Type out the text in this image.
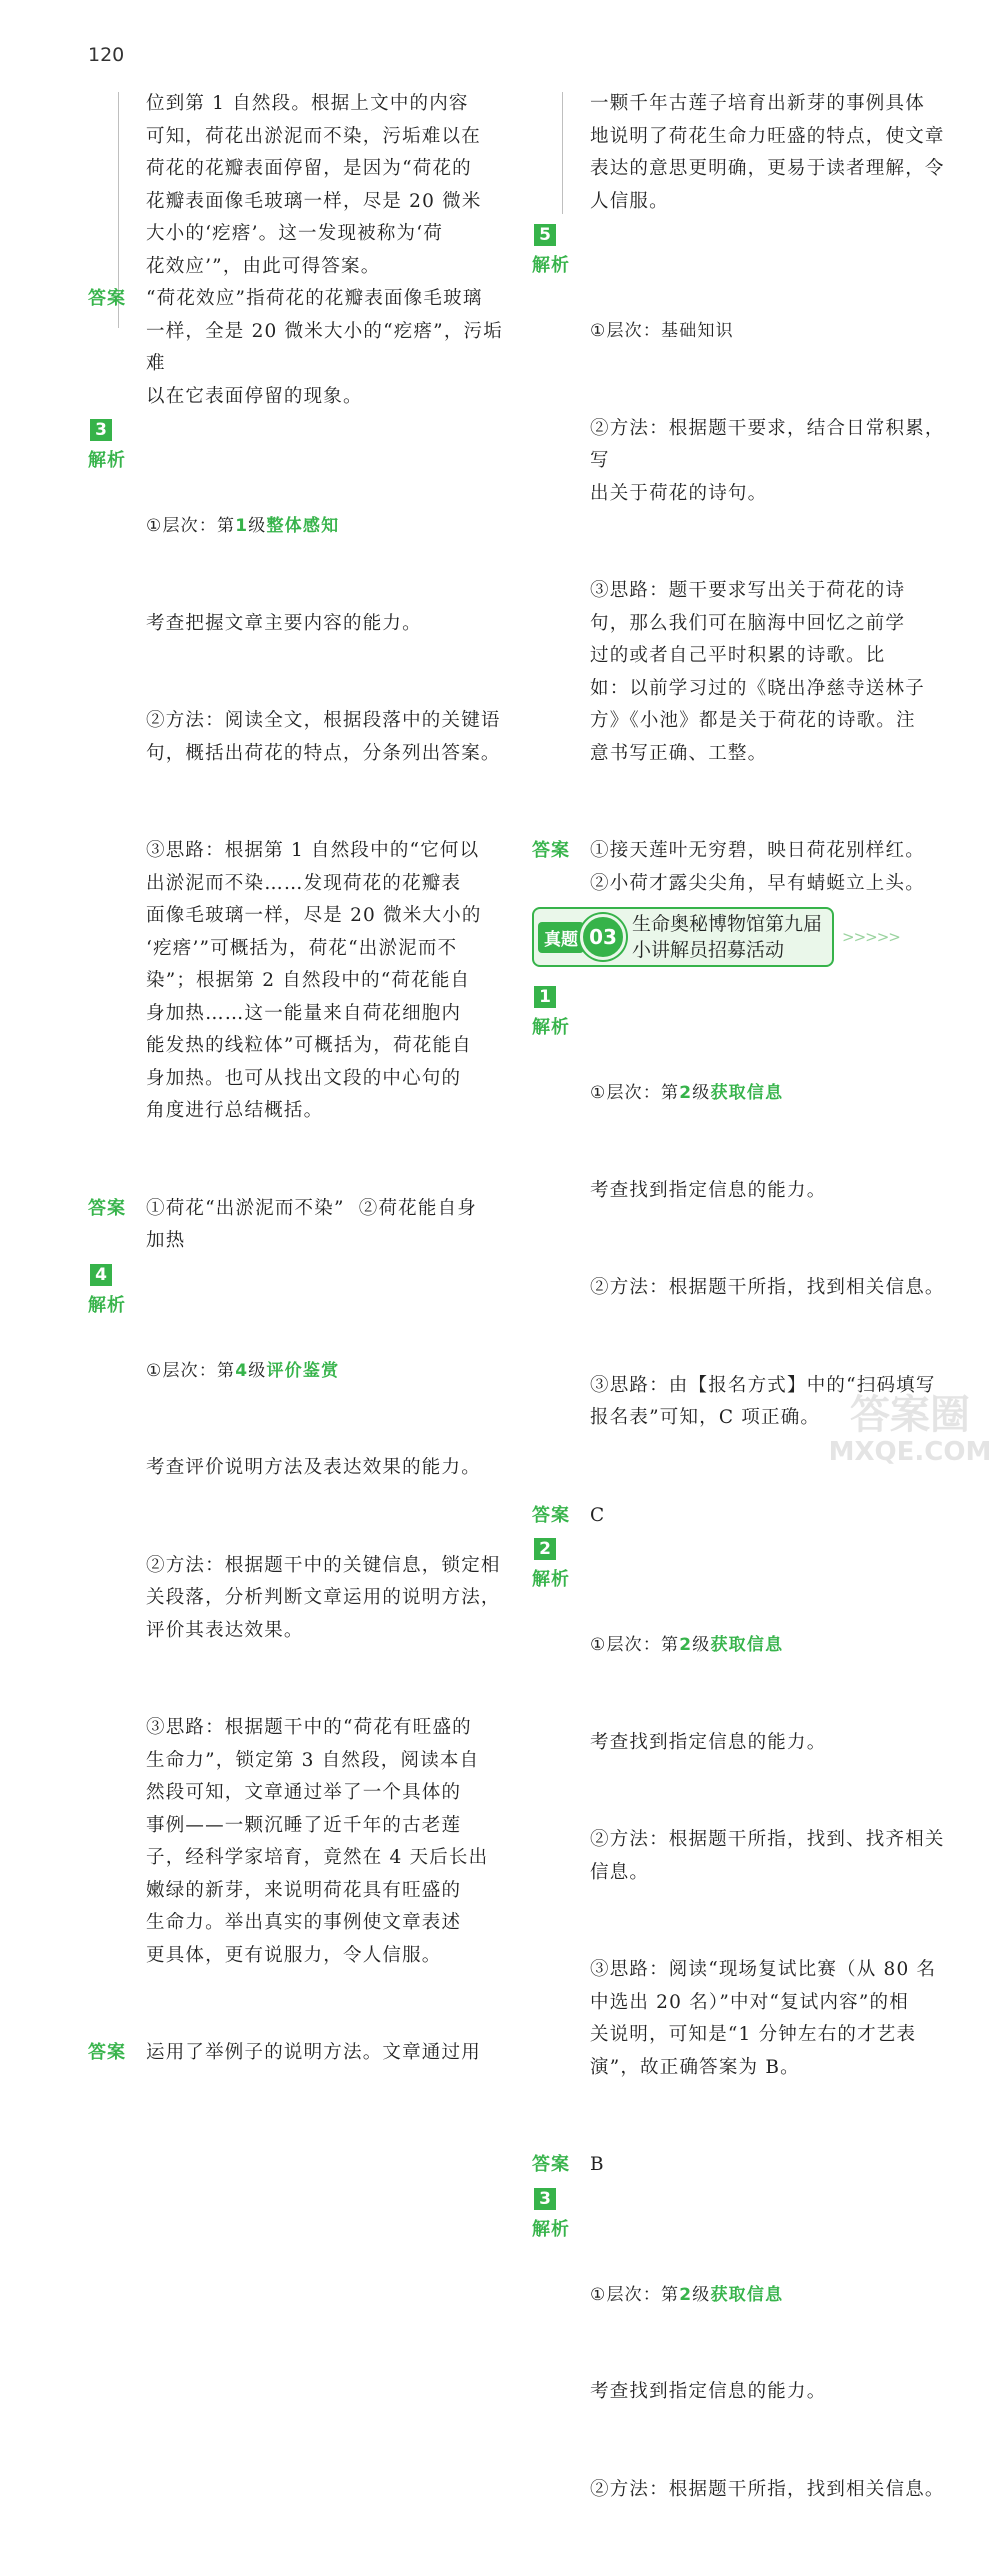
120
位到第 1 自然段。根据上文中的内容
可知，荷花出淤泥而不染，污垢难以在
荷花的花瓣表面停留，是因为“荷花的
花瓣表面像毛玻璃一样，尽是 20 微米
大小的‘疙瘩’。这一发现被称为‘荷
花效应’”，由此可得答案。
答案	“荷花效应”指荷花的花瓣表面像毛玻璃
一样，全是 20 微米大小的“疙瘩”，污垢难
以在它表面停留的现象。
3
解析

①层次：第1级整体感知

考查把握文章主要内容的能力。

②方法：阅读全文，根据段落中的关键语
句，概括出荷花的特点，分条列出答案。

③思路：根据第 1 自然段中的“它何以
出淤泥而不染……发现荷花的花瓣表
面像毛玻璃一样，尽是 20 微米大小的
‘疙瘩’”可概括为，荷花“出淤泥而不
染”；根据第 2 自然段中的“荷花能自
身加热……这一能量来自荷花细胞内
能发热的线粒体”可概括为，荷花能自
身加热。也可从找出文段的中心句的
角度进行总结概括。

答案	①荷花“出淤泥而不染”  ②荷花能自身
加热
4
解析

①层次：第4级评价鉴赏

考查评价说明方法及表达效果的能力。

②方法：根据题干中的关键信息，锁定相
关段落，分析判断文章运用的说明方法，
评价其表达效果。

③思路：根据题干中的“荷花有旺盛的
生命力”，锁定第 3 自然段，阅读本自
然段可知，文章通过举了一个具体的
事例——一颗沉睡了近千年的古老莲
子，经科学家培育，竟然在 4 天后长出
嫩绿的新芽，来说明荷花具有旺盛的
生命力。举出真实的事例使文章表述
更具体，更有说服力，令人信服。

答案	运用了举例子的说明方法。文章通过用
一颗千年古莲子培育出新芽的事例具体
地说明了荷花生命力旺盛的特点，使文章
表达的意思更明确，更易于读者理解，令
人信服。
5
解析

①层次：基础知识

②方法：根据题干要求，结合日常积累，写
出关于荷花的诗句。

③思路：题干要求写出关于荷花的诗
句，那么我们可在脑海中回忆之前学
过的或者自己平时积累的诗歌。比
如：以前学习过的《晓出净慈寺送林子
方》《小池》都是关于荷花的诗歌。注
意书写正确、工整。

答案	①接天莲叶无穷碧，映日荷花别样红。
②小荷才露尖尖角，早有蜻蜓立上头。
真题 03
生命奥秘博物馆第九届
小讲解员招募活动
>>>>>
1
解析

①层次：第2级获取信息

考查找到指定信息的能力。

②方法：根据题干所指，找到相关信息。

③思路：由【报名方式】中的“扫码填写
报名表”可知，C 项正确。

答案	C
2
解析

①层次：第2级获取信息

考查找到指定信息的能力。

②方法：根据题干所指，找到、找齐相关
信息。

③思路：阅读“现场复试比赛（从 80 名
中选出 20 名）”中对“复试内容”的相
关说明，可知是“1 分钟左右的才艺表
演”，故正确答案为 B。

答案	B
3
解析

①层次：第2级获取信息

考查找到指定信息的能力。

②方法：根据题干所指，找到相关信息。

答案圈
MXQE.COM
